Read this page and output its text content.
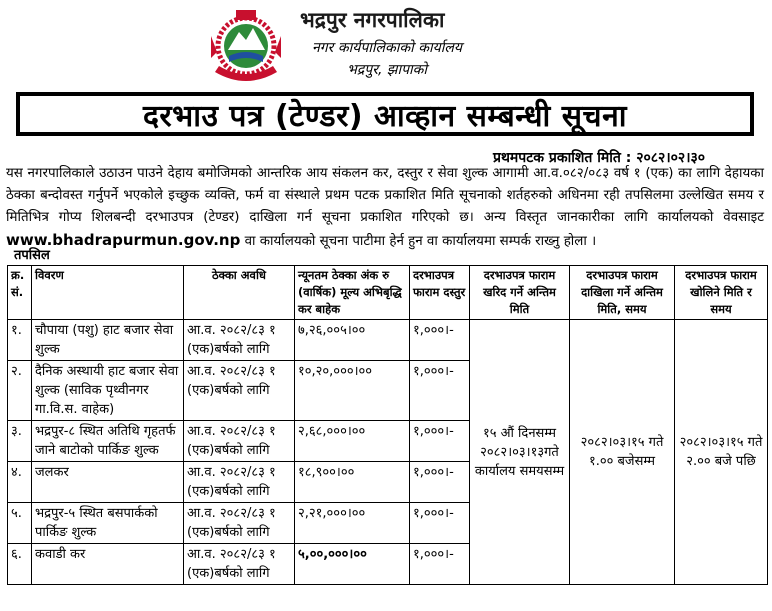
भद्रपुर नगरपालिका
नगर कार्यपालिकाको कार्यालय
भद्रपुर, झापाको
दरभाउ पत्र (टेण्डर) आव्हान सम्बन्धी सूचना
प्रथमपटक प्रकाशित मिति : २०८२।०२।३०
यस नगरपालिकाले उठाउन पाउने देहाय बमोजिमको आन्तरिक आय संकलन कर, दस्तुर र सेवा शुल्क आगामी आ.व.०८२/०८३ वर्ष १ (एक) का लागि देहायका ठेक्का बन्दोवस्त गर्नुपर्ने भएकोले इच्छुक व्यक्ति, फर्म वा संस्थाले प्रथम पटक प्रकाशित मिति सूचनाको शर्तहरुको अधिनमा रही तपसिलमा उल्लेखित समय र मितिभित्र गोप्य शिलबन्दी दरभाउपत्र (टेण्डर) दाखिला गर्न सूचना प्रकाशित गरिएको छ। अन्य विस्तृत जानकारीका लागि कार्यालयको वेवसाइट www.bhadrapurmun.gov.np वा कार्यालयको सूचना पाटीमा हेर्न हुन वा कार्यालयमा सम्पर्क राख्नु होला ।
तपसिल
क्र. सं.	विवरण	ठेक्का अवधि	न्यूनतम ठेक्का अंक रु (वार्षिक) मूल्य अभिबृद्धि कर बाहेक	दरभाउपत्र फाराम दस्तुर	दरभाउपत्र फाराम खरिद गर्ने अन्तिम मिति	दरभाउपत्र फाराम दाखिला गर्ने अन्तिम मिति, समय	दरभाउपत्र फाराम खोलिने मिति र समय
१.	चौपाया (पशु) हाट बजार सेवा शुल्क	आ.व. २०८२/८३ १ (एक)बर्षको लागि	७,२६,००५।००	१,०००।-	१५ औं दिनसम्म २०८२।०३।१३गते कार्यालय समयसम्म	२०८२।०३।१५ गते १.०० बजेसम्म	२०८२।०३।१५ गते २.०० बजे पछि
२.	दैनिक अस्थायी हाट बजार सेवा शुल्क (साविक पृथ्वीनगर गा.वि.स. वाहेक)	आ.व. २०८२/८३ १ (एक)बर्षको लागि	१०,२०,०००।००	१,०००।-			
३.	भद्रपुर-८ स्थित अतिथि गृहतर्फ जाने बाटोको पार्किङ शुल्क	आ.व. २०८२/८३ १ (एक)बर्षको लागि	२,६८,०००।००	१,०००।-			
४.	जलकर	आ.व. २०८२/८३ १ (एक)बर्षको लागि	१८,९००।००	१,०००।-			
५.	भद्रपुर-५ स्थित बसपार्कको पार्किङ शुल्क	आ.व. २०८२/८३ १ (एक)बर्षको लागि	२,२१,०००।००	१,०००।-			
६.	कवाडी कर	आ.व. २०८२/८३ १ (एक)बर्षको लागि	५,००,०००।००	१,०००।-			
